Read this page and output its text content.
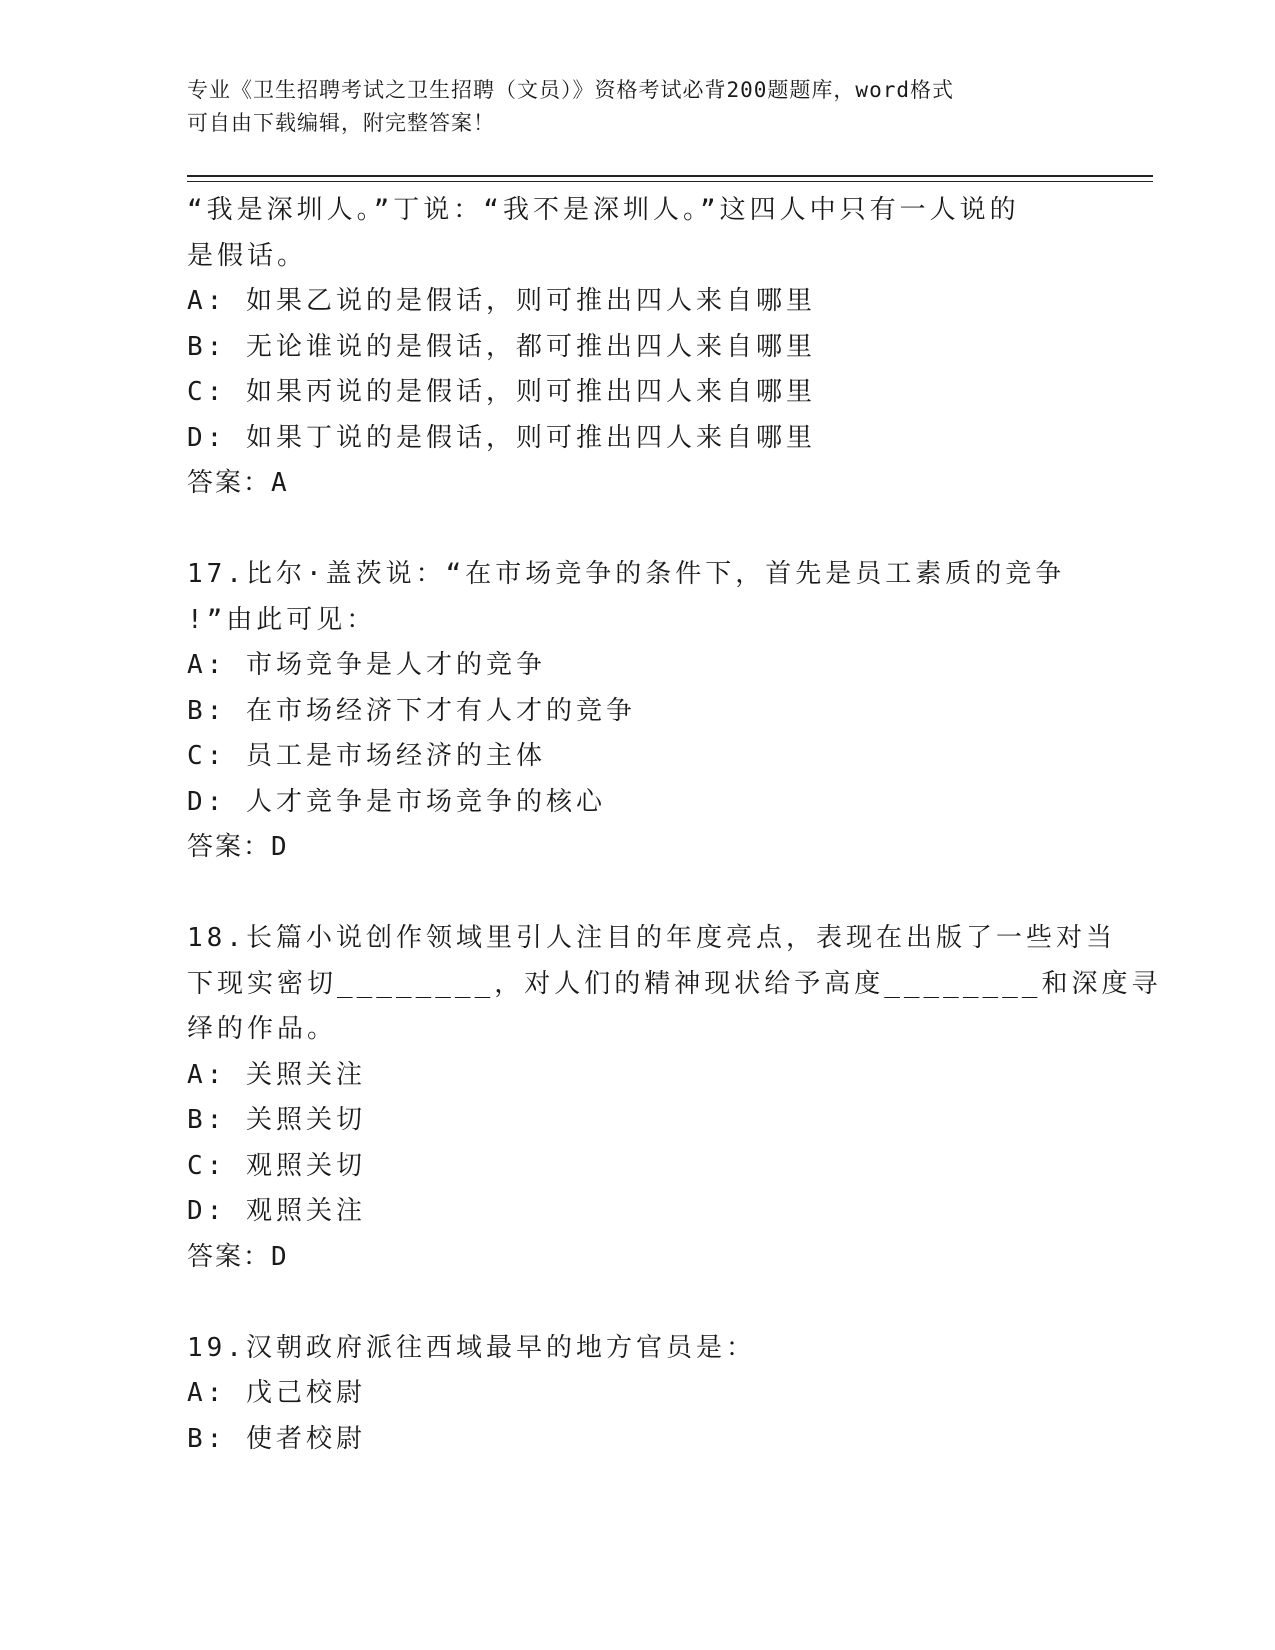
专业《卫生招聘考试之卫生招聘（文员）》资格考试必背200题题库，word格式
可自由下载编辑，附完整答案！
“我是深圳人。”丁说：“我不是深圳人。”这四人中只有一人说的
是假话。
A: 如果乙说的是假话，则可推出四人来自哪里
B: 无论谁说的是假话，都可推出四人来自哪里
C: 如果丙说的是假话，则可推出四人来自哪里
D: 如果丁说的是假话，则可推出四人来自哪里
答案：A
17.比尔·盖茨说：“在市场竞争的条件下，首先是员工素质的竞争
!”由此可见：
A: 市场竞争是人才的竞争
B: 在市场经济下才有人才的竞争
C: 员工是市场经济的主体
D: 人才竞争是市场竞争的核心
答案：D
18.长篇小说创作领域里引人注目的年度亮点，表现在出版了一些对当
下现实密切________，对人们的精神现状给予高度________和深度寻
绎的作品。
A: 关照关注
B: 关照关切
C: 观照关切
D: 观照关注
答案：D
19.汉朝政府派往西域最早的地方官员是：
A: 戊己校尉
B: 使者校尉
